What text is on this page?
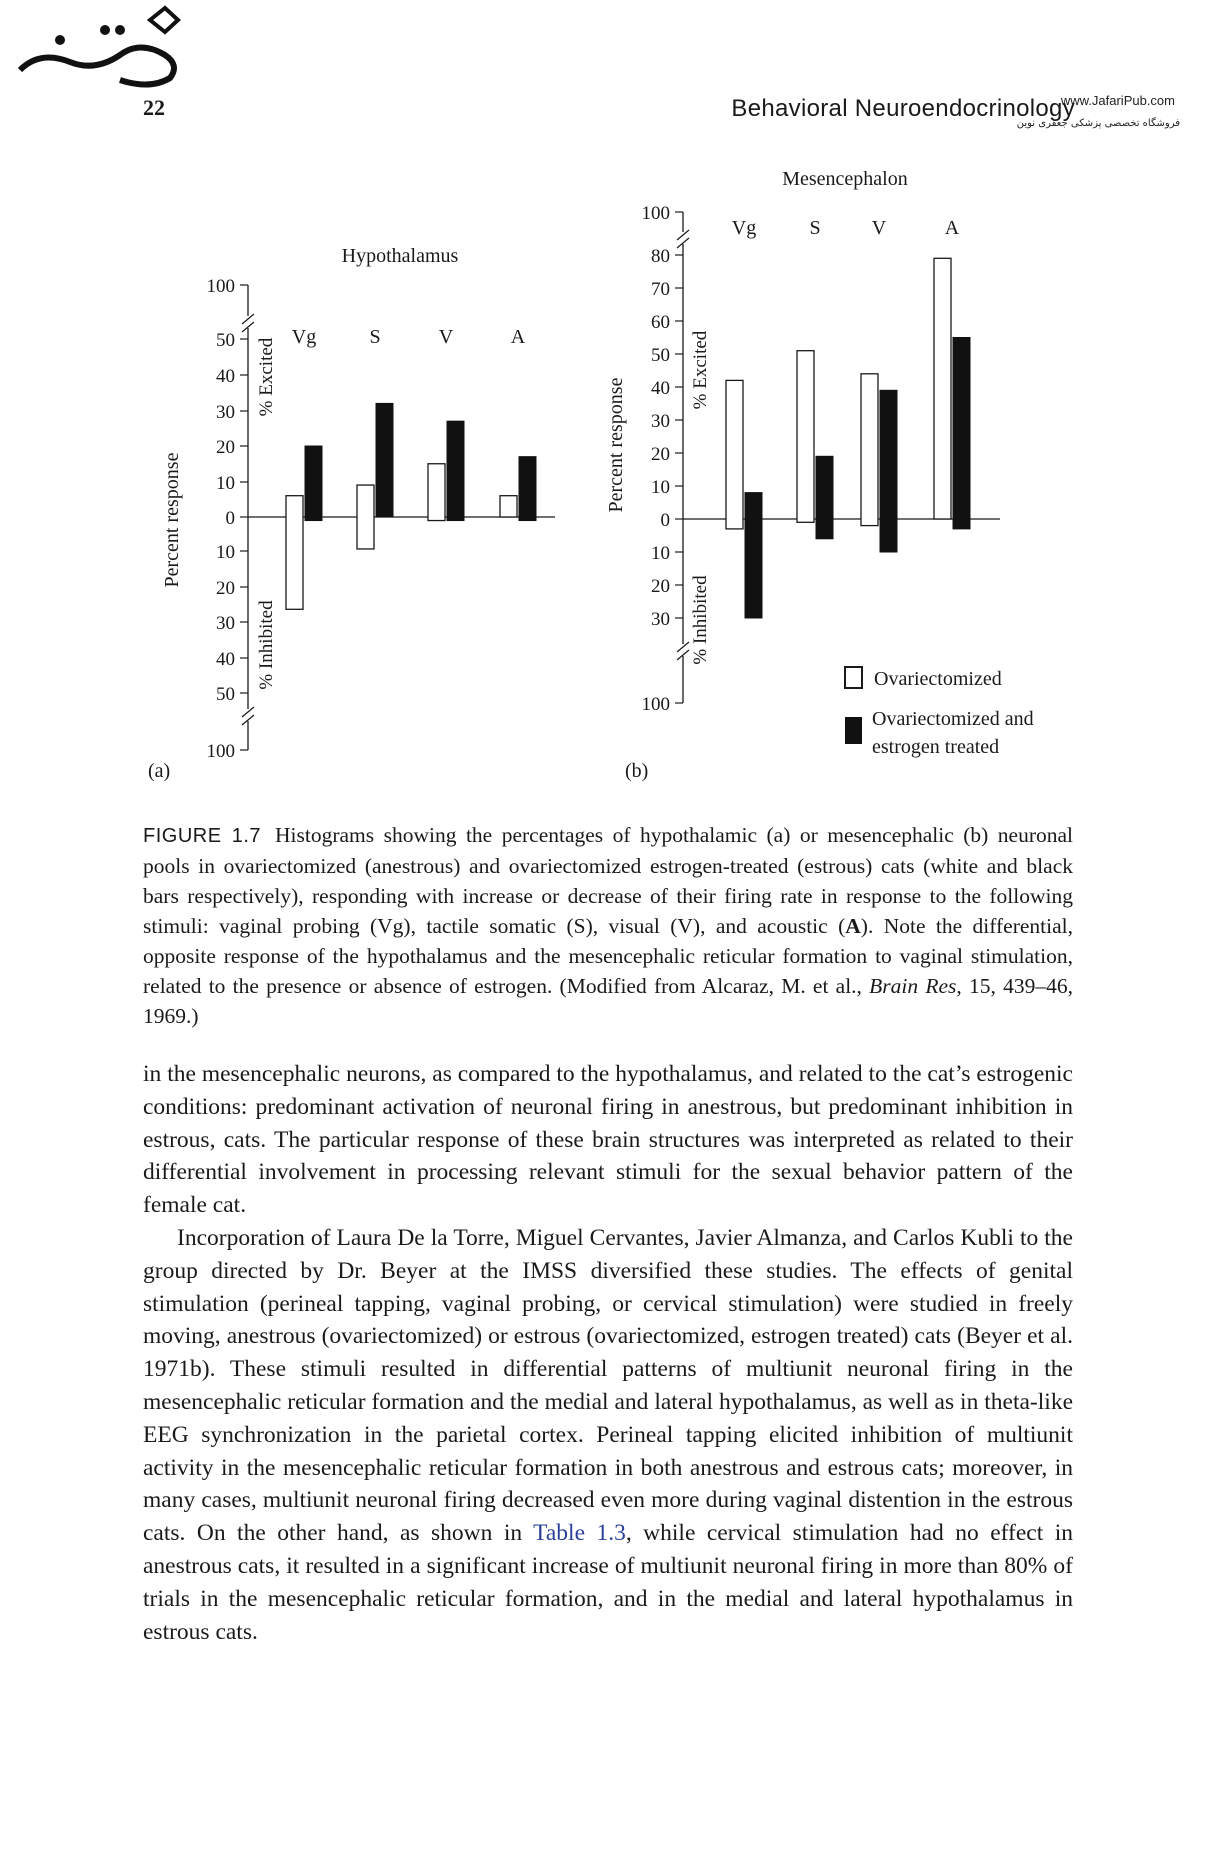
22	Behavioral Neuroendocrinology
www.JafariPub.com
فروشگاه تخصصی پزشکی جعفری نوین
Hypothalamus
100
0
10
20
30
40
50
10
20
30
40
50
100
Percent response
% Excited
% Inhibited
(a)
Vg	S	V	A
Mesencephalon
100
0
10
20
30
40
50
60
70
80
10
20
30
100
Percent response
% Excited
% Inhibited
(b)
Vg	S	V	A
Ovariectomized
Ovariectomized and
estrogen treated
FIGURE 1.7 Histograms showing the percentages of hypothalamic (a) or mesencephalic (b) neuronal pools in ovariectomized (anestrous) and ovariectomized estrogen-treated (estrous) cats (white and black bars respectively), responding with increase or decrease of their firing rate in response to the following stimuli: vaginal probing (Vg), tactile somatic (S), visual (V), and acoustic (A). Note the differential, opposite response of the hypothalamus and the mesencephalic reticular formation to vaginal stimulation, related to the presence or absence of estrogen. (Modified from Alcaraz, M. et al., Brain Res, 15, 439–46, 1969.)

in the mesencephalic neurons, as compared to the hypothalamus, and related to the cat’s estrogenic conditions: predominant activation of neuronal firing in anestrous, but predominant inhibition in estrous, cats. The particular response of these brain structures was interpreted as related to their differential involvement in processing relevant stimuli for the sexual behavior pattern of the female cat.

Incorporation of Laura De la Torre, Miguel Cervantes, Javier Almanza, and Carlos Kubli to the group directed by Dr. Beyer at the IMSS diversified these studies. The effects of genital stimulation (perineal tapping, vaginal probing, or cervical stimulation) were studied in freely moving, anestrous (ovariectomized) or estrous (ovariectomized, estrogen treated) cats (Beyer et al. 1971b). These stimuli resulted in differential patterns of multiunit neuronal firing in the mesencephalic reticular formation and the medial and lateral hypothalamus, as well as in theta-like EEG synchronization in the parietal cortex. Perineal tapping elicited inhibition of multiunit activity in the mesencephalic reticular formation in both anestrous and estrous cats; moreover, in many cases, multiunit neuronal firing decreased even more during vaginal distention in the estrous cats. On the other hand, as shown in Table 1.3, while cervical stimulation had no effect in anestrous cats, it resulted in a significant increase of multiunit neuronal firing in more than 80% of trials in the mesencephalic reticular formation, and in the medial and lateral hypothalamus in estrous cats.
